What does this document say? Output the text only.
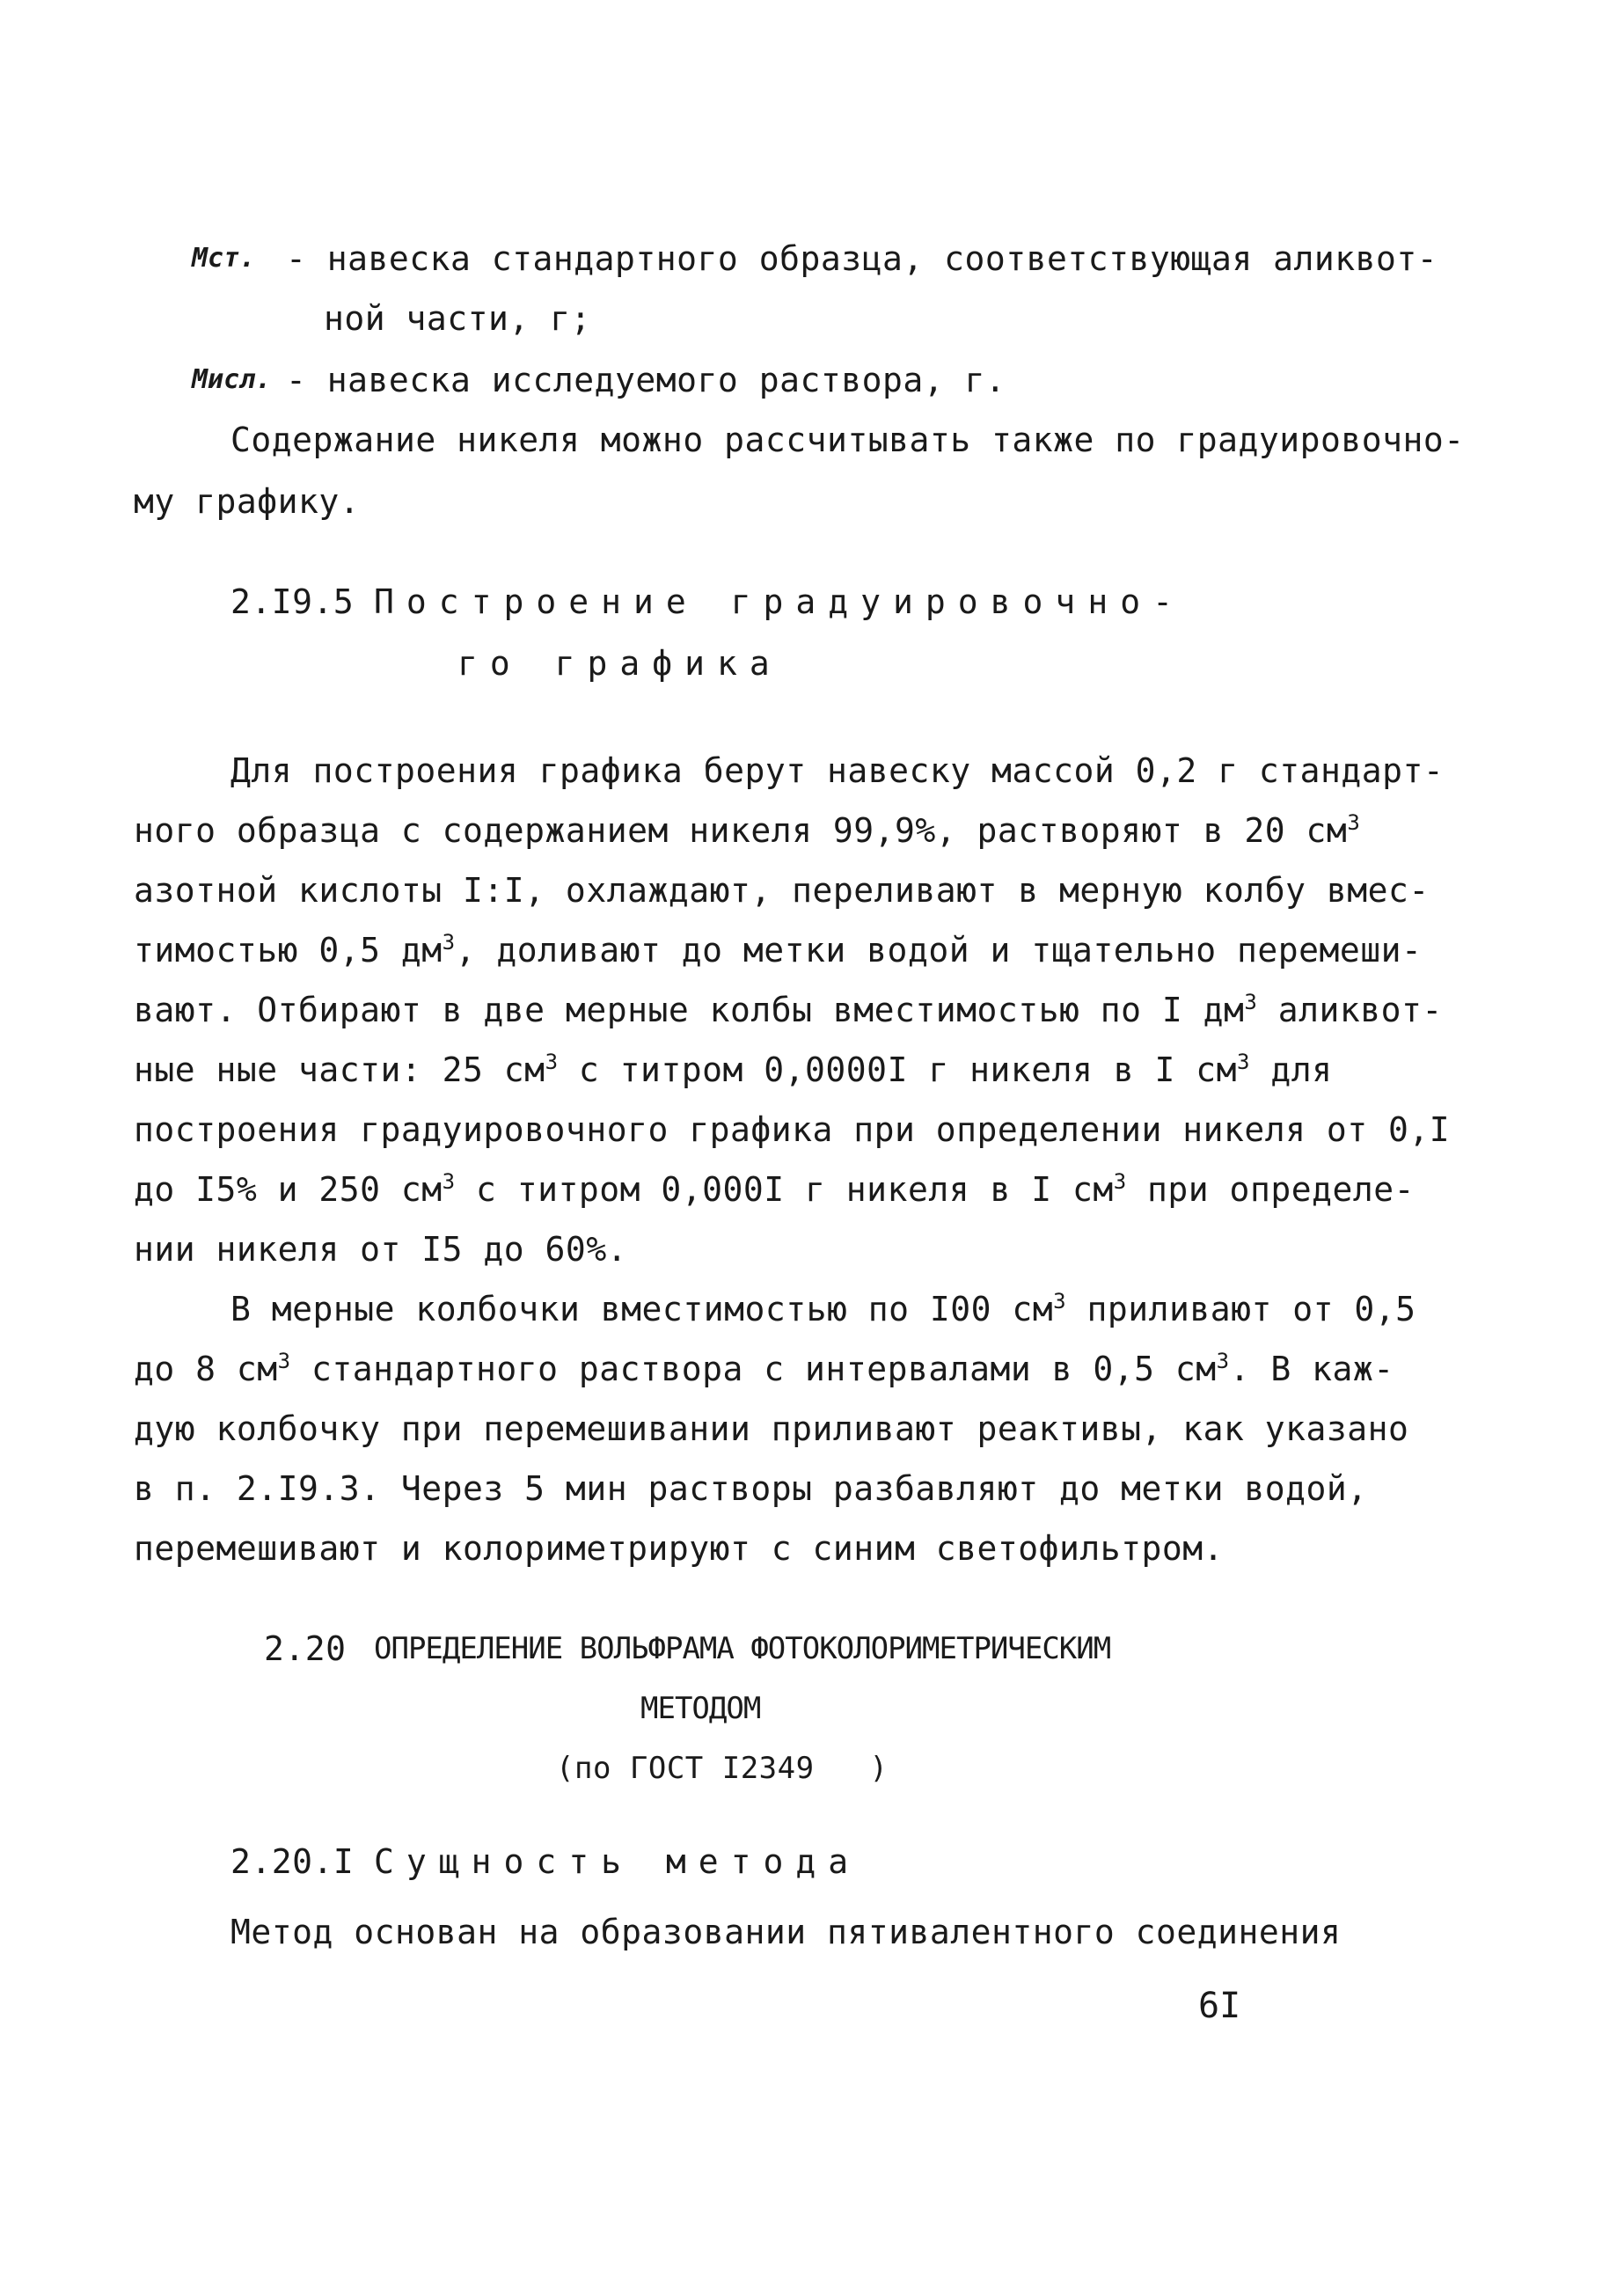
Mст. - навеска стандартного образца, соответствующая аликвот-
ной части, г;
Mисл. - навеска исследуемого раствора, г.
Содержание никеля можно рассчитывать также по градуировочно-
му графику.
2.I9.5 Построение градуировочно-
го графика
Для построения графика берут навеску массой 0,2 г стандарт-
ного образца с содержанием никеля 99,9%, растворяют в 20 $см^3$
азотной кислоты I:I, охлаждают, переливают в мерную колбу вмес-
тимостью 0,5 $дм^3$, доливают до метки водой и тщательно перемеши-
вают. Отбирают в две мерные колбы вместимостью по I $дм^3$ аликвот-
ные ные части: 25 $см^3$ с титром 0,0000I г никеля в I $см^3$ для
построения градуировочного графика при определении никеля от 0,I
до I5% и 250 $см^3$ с титром 0,000I г никеля в I $см^3$ при определе-
нии никеля от I5 до 60%.
В мерные колбочки вместимостью по I00 $см^3$ приливают от 0,5
до 8 $см^3$ стандартного раствора с интервалами в 0,5 $см^3$. В каж-
дую колбочку при перемешивании приливают реактивы, как указано
в п. 2.I9.3. Через 5 мин растворы разбавляют до метки водой,
перемешивают и колориметрируют с синим светофильтром.
2.20 ОПРЕДЕЛЕНИЕ ВОЛЬФРАМА ФОТОКОЛОРИМЕТРИЧЕСКИМ
МЕТОДОМ
(по ГОСТ I2349   )
2.20.I Сущность метода
Метод основан на образовании пятивалентного соединения
6I
